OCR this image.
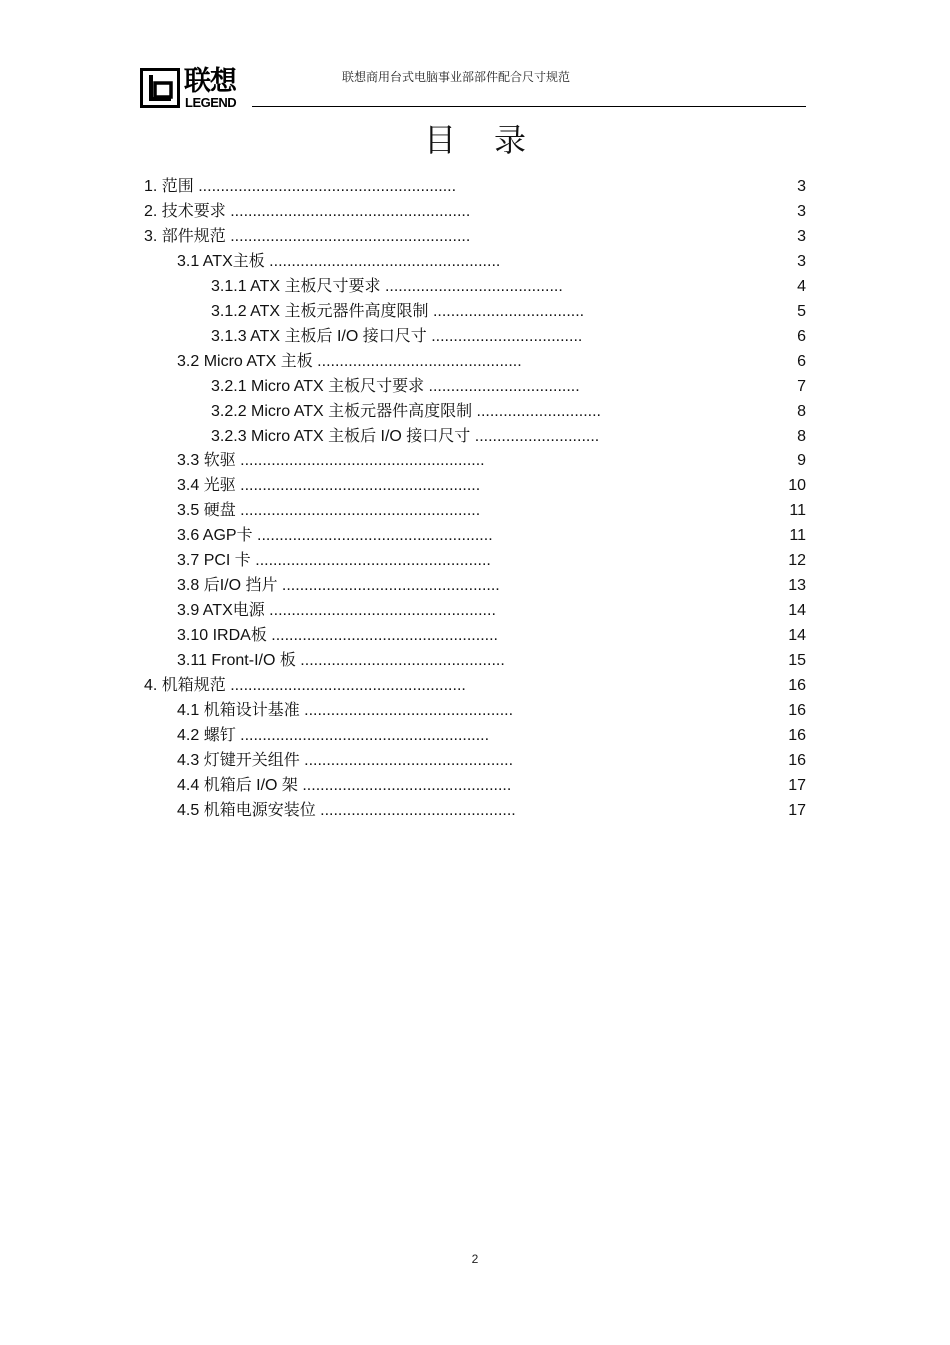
联想
LEGEND
联想商用台式电脑事业部部件配合尺寸规范
目录
1. 范围 ..........................................................	3
2. 技术要求 ......................................................	3
3. 部件规范 ......................................................	3
3.1 ATX主板 ....................................................	3
3.1.1 ATX 主板尺寸要求 ........................................	4
3.1.2 ATX 主板元器件高度限制 ..................................	5
3.1.3 ATX 主板后 I/O 接口尺寸 ..................................	6
3.2 Micro ATX 主板 ..............................................	6
3.2.1 Micro ATX 主板尺寸要求 ..................................	7
3.2.2 Micro ATX 主板元器件高度限制 ............................	8
3.2.3 Micro ATX 主板后 I/O 接口尺寸 ............................	8
3.3 软驱 .......................................................	9
3.4 光驱 ......................................................	10
3.5 硬盘 ......................................................	11
3.6 AGP卡 .....................................................	11
3.7 PCI 卡 .....................................................	12
3.8 后I/O 挡片 .................................................	13
3.9 ATX电源 ...................................................	14
3.10 IRDA板 ...................................................	14
3.11 Front-I/O 板 ..............................................	15
4. 机箱规范 .....................................................	16
4.1 机箱设计基准 ...............................................	16
4.2 螺钉 ........................................................	16
4.3 灯键开关组件 ...............................................	16
4.4 机箱后 I/O 架 ...............................................	17
4.5 机箱电源安装位 ............................................	17
2
